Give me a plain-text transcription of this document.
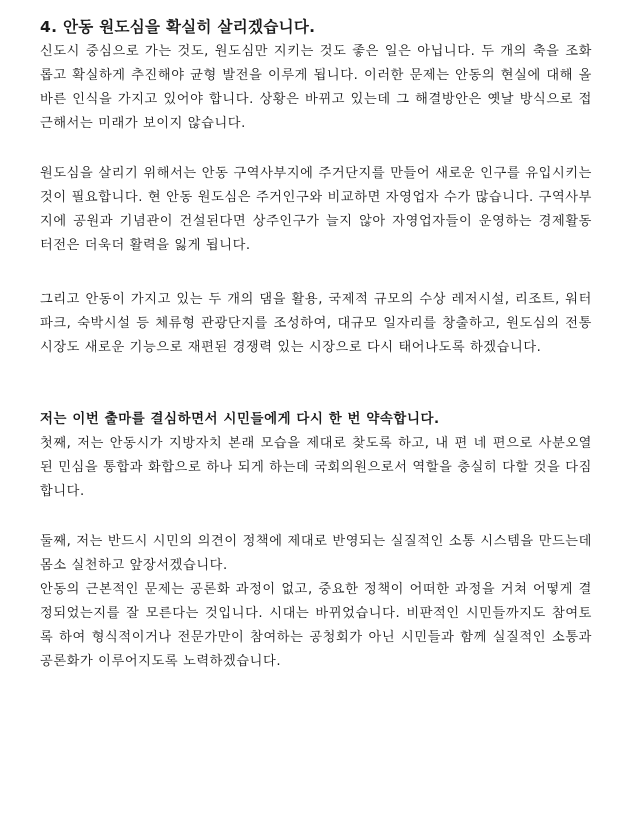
4. 안동 원도심을 확실히 살리겠습니다.

신도시 중심으로 가는 것도, 원도심만 지키는 것도 좋은 일은 아닙니다. 두 개의 축을 조화롭고 확실하게 추진해야 균형 발전을 이루게 됩니다. 이러한 문제는 안동의 현실에 대해 올바른 인식을 가지고 있어야 합니다. 상황은 바뀌고 있는데 그 해결방안은 옛날 방식으로 접근해서는 미래가 보이지 않습니다.

원도심을 살리기 위해서는 안동 구역사부지에 주거단지를 만들어 새로운 인구를 유입시키는 것이 필요합니다. 현 안동 원도심은 주거인구와 비교하면 자영업자 수가 많습니다. 구역사부지에 공원과 기념관이 건설된다면 상주인구가 늘지 않아 자영업자들이 운영하는 경제활동 터전은 더욱더 활력을 잃게 됩니다.

그리고 안동이 가지고 있는 두 개의 댐을 활용, 국제적 규모의 수상 레저시설, 리조트, 워터파크, 숙박시설 등 체류형 관광단지를 조성하여, 대규모 일자리를 창출하고, 원도심의 전통시장도 새로운 기능으로 재편된 경쟁력 있는 시장으로 다시 태어나도록 하겠습니다.

저는 이번 출마를 결심하면서 시민들에게 다시 한 번 약속합니다.

첫째, 저는 안동시가 지방자치 본래 모습을 제대로 찾도록 하고, 내 편 네 편으로 사분오열된 민심을 통합과 화합으로 하나 되게 하는데 국회의원으로서 역할을 충실히 다할 것을 다짐합니다.

둘째, 저는 반드시 시민의 의견이 정책에 제대로 반영되는 실질적인 소통 시스템을 만드는데 몸소 실천하고 앞장서겠습니다.

안동의 근본적인 문제는 공론화 과정이 없고, 중요한 정책이 어떠한 과정을 거쳐 어떻게 결정되었는지를 잘 모른다는 것입니다. 시대는 바뀌었습니다. 비판적인 시민들까지도 참여토록 하여 형식적이거나 전문가만이 참여하는 공청회가 아닌 시민들과 함께 실질적인 소통과 공론화가 이루어지도록 노력하겠습니다.
